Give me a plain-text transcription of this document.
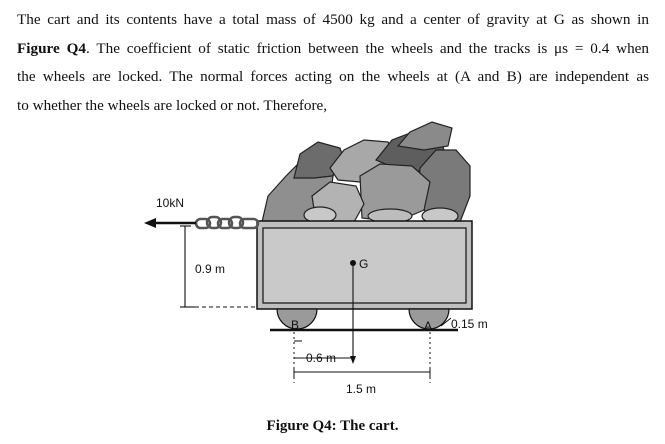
The cart and its contents have a total mass of 4500 kg and a center of gravity at G as shown in
Figure Q4. The coefficient of static friction between the wheels and the tracks is μs = 0.4 when
the wheels are locked. The normal forces acting on the wheels at (A and B) are independent as
to whether the wheels are locked or not. Therefore,
10kN
0.9 m	G
B	A 0.15 m
0.6 m
1.5 m
Figure Q4: The cart.
